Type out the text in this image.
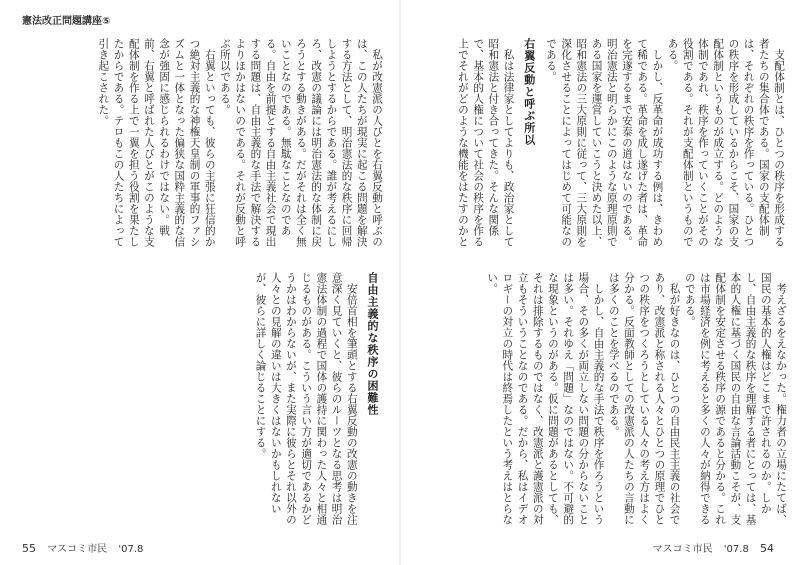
憲法改正問題講座⑤

私が改憲派の人びとを右翼反動と呼ぶのは、この人たちが現実に起こる問題を解決する方法として、明治憲法的な秩序に回帰しようとするからである。誰が考えるにしろ、改憲の議論には明治憲法的な体制に戻ろうとする動きがある。だがそれは全く無いことなのである。無駄なことなのである。自由を前提とする自由主義社会で現出する問題は、自由主義的な手法で解決するよりほかはないのである。それが反動と呼ぶ所以である。

右翼といっても、彼らの主張に狂信的かつ絶対主義的な神権天皇制の軍事的ファシズムと一体となった偏狭な国粋主義的な信念が強固に感じられるわけではない。戦前、右翼と呼ばれた人びとがこのような支配体制を作る上で一翼を担う役割を果たしたからである。テロもこの人たちによって引き起こされた。

自由主義的な秩序の困難性

安倍首相を筆頭とする右翼反動の改憲の動きを注意深く見ていくと、彼らのルーツとなる思考は明治憲法体制の過程で国体の護持に関わった人々と相通じるものがある。こういう言い方が適切であるかどうかはわからないが、また実際に彼らとそれ以外の人々との見解の違いは大きくはないかもしれないが、彼らに詳しく論じることにする。

55 マスコミ市民 '07.8

支配体制とは、ひとつの秩序を形成する者たちの集合体である。国家の支配体制は、それぞれの秩序を作っている。ひとつの秩序を形成しているからこそ、国家の支配体制というものが成立する。どのような体制であれ、秩序を作っていくことがその役割である。それが支配体制というものである。

しかし、反革命が成功する例は、きわめて稀である。革命を成し遂げた者は、革命を完遂するまで安泰の道はないのである。明治憲法と明らかにこのような原理原則である国家を運営していこうと決めた以上、昭和憲法の三大原則に従って、三大原則を深化させることによってはじめて可能なのである。

右翼反動と呼ぶ所以

私は法律家としてよりも、政治家として昭和憲法と付き合ってきた。そんな関係で、基本的人権について社会の秩序を作る上でそれがどのような機能をはたすのかと

考えざるをえなかった。権力者の立場にたてば、国民の基本的人権はどこまで許されるのか。しかし、自由主義的な秩序を理解する者にとっては、基本的人権に基づく国民の自由な言論活動こそが、支配体制を安定させる秩序の源であると分かる。これは市場経済を例に考えると多くの人々が納得できるのである。

私が好きなのは、ひとつの自由民主主義の社会であり、改憲派と称される人々とひとつの原理でひとつの秩序をつくろうとしている人々の考え方はよく分かる。反面教師としての改憲派の人たちの言動には多くのことを学べるのである。

しかし、自由主義的な手法で秩序を作ろうという場合、その多くが両立しない問題の分からないことは多い。それゆえ「問題」なのではない。不可避的な現象というのがある。仮に問題があるとしても、それは排除するものではなく、改憲派と護憲派の対立もそういうことなのである。だから、私はイデオロギーの対立の時代は終焉したという考えはとらない。

マスコミ市民 '07.8 54
